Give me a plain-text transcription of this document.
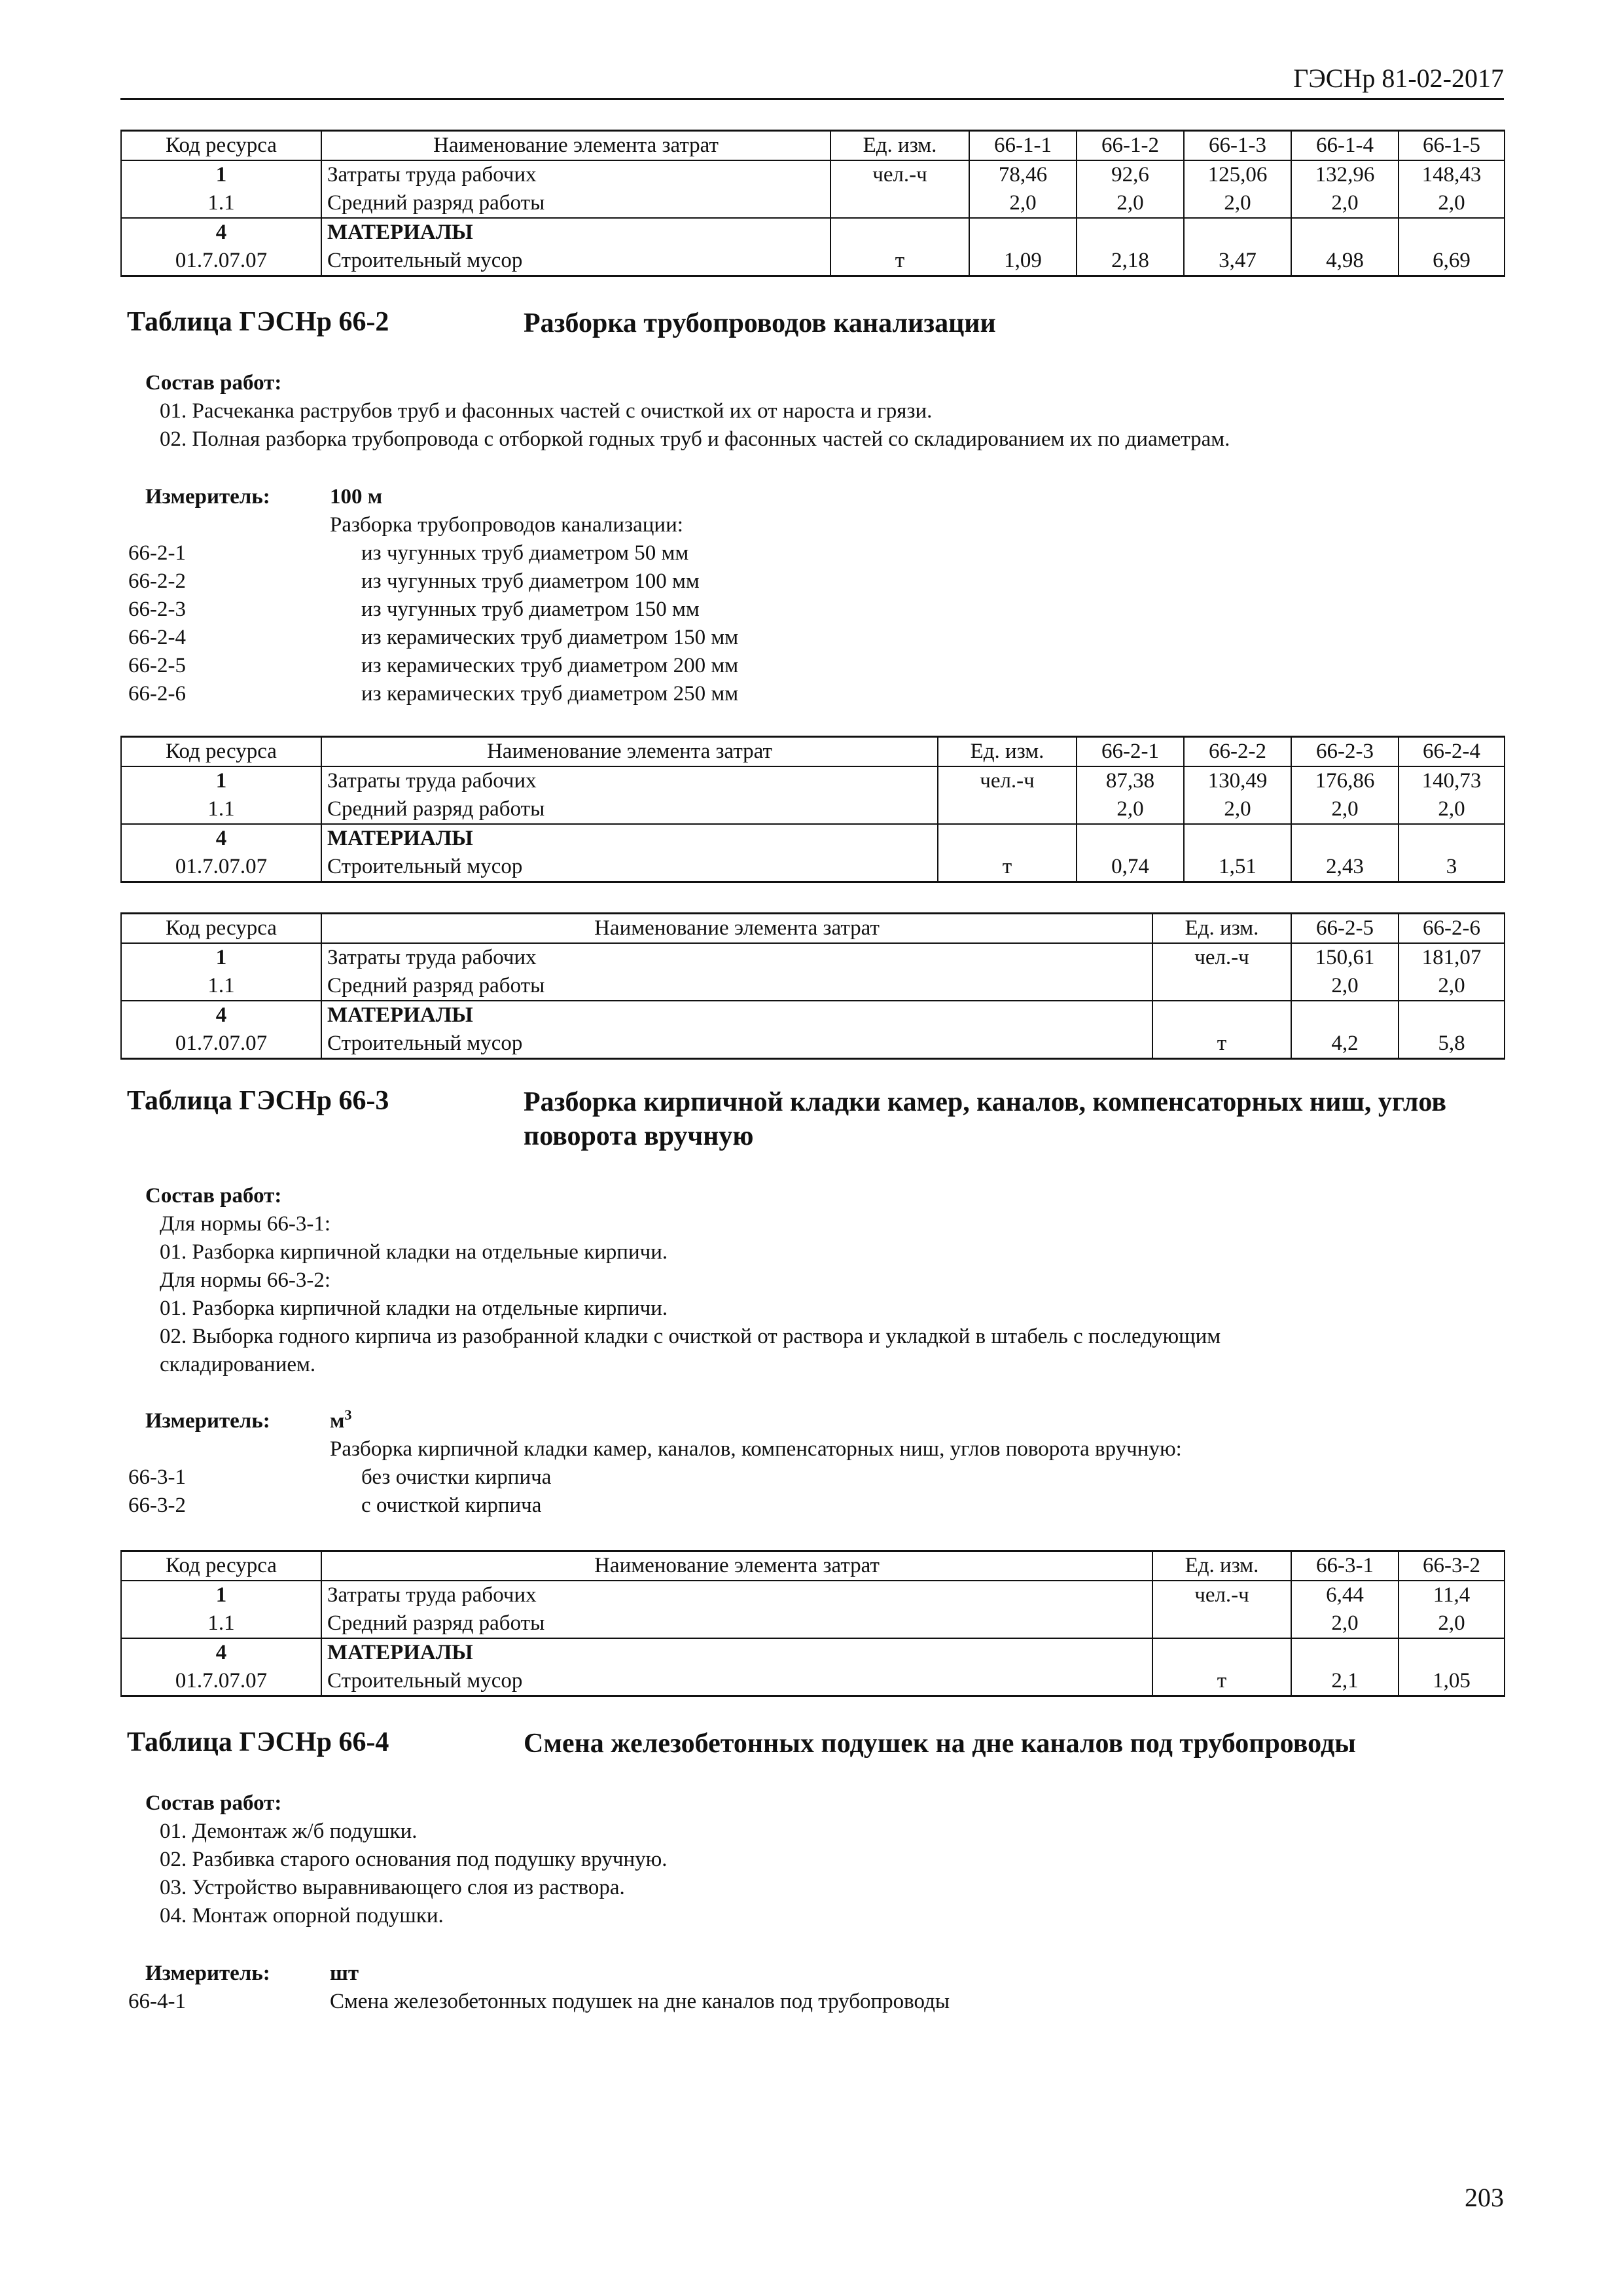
ГЭСНр 81-02-2017
Код ресурса	Наименование элемента затрат	Ед. изм.	66-1-1	66-1-2	66-1-3	66-1-4	66-1-5
1	Затраты труда рабочих	чел.-ч	78,46	92,6	125,06	132,96	148,43
1.1	Средний разряд работы		2,0	2,0	2,0	2,0	2,0
4	МАТЕРИАЛЫ						
01.7.07.07	Строительный мусор	т	1,09	2,18	3,47	4,98	6,69
Таблица ГЭСНр 66-2	Разборка трубопроводов канализации
Состав работ:
01. Расчеканка раструбов труб и фасонных частей с очисткой их от нароста и грязи.
02. Полная разборка трубопровода с отборкой годных труб и фасонных частей со складированием их по диаметрам.
Измеритель:	100 м
Разборка трубопроводов канализации:
66-2-1	из чугунных труб диаметром 50 мм
66-2-2	из чугунных труб диаметром 100 мм
66-2-3	из чугунных труб диаметром 150 мм
66-2-4	из керамических труб диаметром 150 мм
66-2-5	из керамических труб диаметром 200 мм
66-2-6	из керамических труб диаметром 250 мм
Код ресурса	Наименование элемента затрат	Ед. изм.	66-2-1	66-2-2	66-2-3	66-2-4
1	Затраты труда рабочих	чел.-ч	87,38	130,49	176,86	140,73
1.1	Средний разряд работы		2,0	2,0	2,0	2,0
4	МАТЕРИАЛЫ					
01.7.07.07	Строительный мусор	т	0,74	1,51	2,43	3
Код ресурса	Наименование элемента затрат	Ед. изм.	66-2-5	66-2-6
1	Затраты труда рабочих	чел.-ч	150,61	181,07
1.1	Средний разряд работы		2,0	2,0
4	МАТЕРИАЛЫ			
01.7.07.07	Строительный мусор	т	4,2	5,8
Таблица ГЭСНр 66-3	Разборка кирпичной кладки камер, каналов, компенсаторных ниш, углов поворота вручную
Состав работ:
Для нормы 66-3-1:
01. Разборка кирпичной кладки на отдельные кирпичи.
Для нормы 66-3-2:
01. Разборка кирпичной кладки на отдельные кирпичи.
02. Выборка годного кирпича из разобранной кладки с очисткой от раствора и укладкой в штабель с последующим
складированием.
Измеритель:	$м^3$
Разборка кирпичной кладки камер, каналов, компенсаторных ниш, углов поворота вручную:
66-3-1	без очистки кирпича
66-3-2	с очисткой кирпича
Код ресурса	Наименование элемента затрат	Ед. изм.	66-3-1	66-3-2
1	Затраты труда рабочих	чел.-ч	6,44	11,4
1.1	Средний разряд работы		2,0	2,0
4	МАТЕРИАЛЫ			
01.7.07.07	Строительный мусор	т	2,1	1,05
Таблица ГЭСНр 66-4	Смена железобетонных подушек на дне каналов под трубопроводы
Состав работ:
01. Демонтаж ж/б подушки.
02. Разбивка старого основания под подушку вручную.
03. Устройство выравнивающего слоя из раствора.
04. Монтаж опорной подушки.
Измеритель:	шт
66-4-1	Смена железобетонных подушек на дне каналов под трубопроводы
203
